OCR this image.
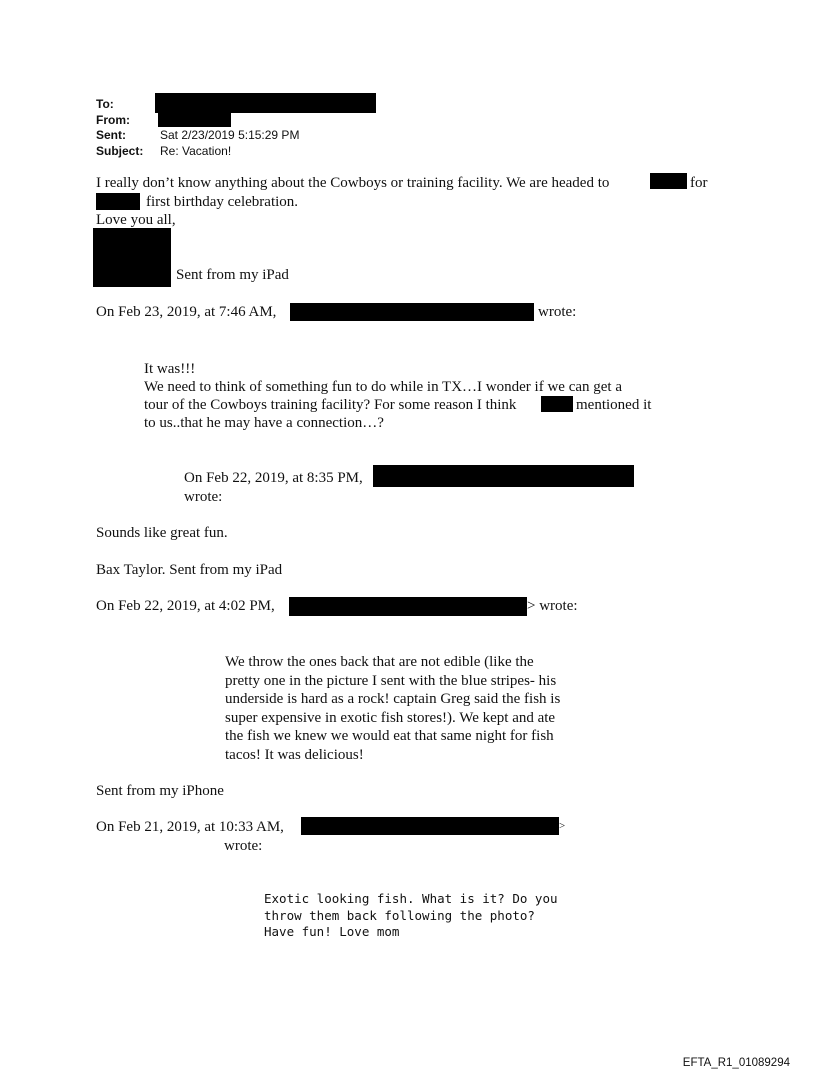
To:
From:
Sent:	Sat 2/23/2019 5:15:29 PM
Subject: Re: Vacation!
I really don’t know anything about the Cowboys or training facility. We are headed to	for
first birthday celebration.
Love you all,
Sent from my iPad
On Feb 23, 2019, at 7:46 AM,	wrote:
It was!!!
We need to think of something fun to do while in TX…I wonder if we can get a
tour of the Cowboys training facility? For some reason I think	mentioned it
to us..that he may have a connection…?
On Feb 22, 2019, at 8:35 PM,
wrote:
Sounds like great fun.
Bax Taylor. Sent from my iPad
On Feb 22, 2019, at 4:02 PM,	> wrote:
We throw the ones back that are not edible (like the
pretty one in the picture I sent with the blue stripes- his
underside is hard as a rock! captain Greg said the fish is
super expensive in exotic fish stores!). We kept and ate
the fish we knew we would eat that same night for fish
tacos! It was delicious!
Sent from my iPhone
On Feb 21, 2019, at 10:33 AM,	>
wrote:
Exotic looking fish. What is it? Do you
throw them back following the photo?
Have fun! Love mom
EFTA_R1_01089294
